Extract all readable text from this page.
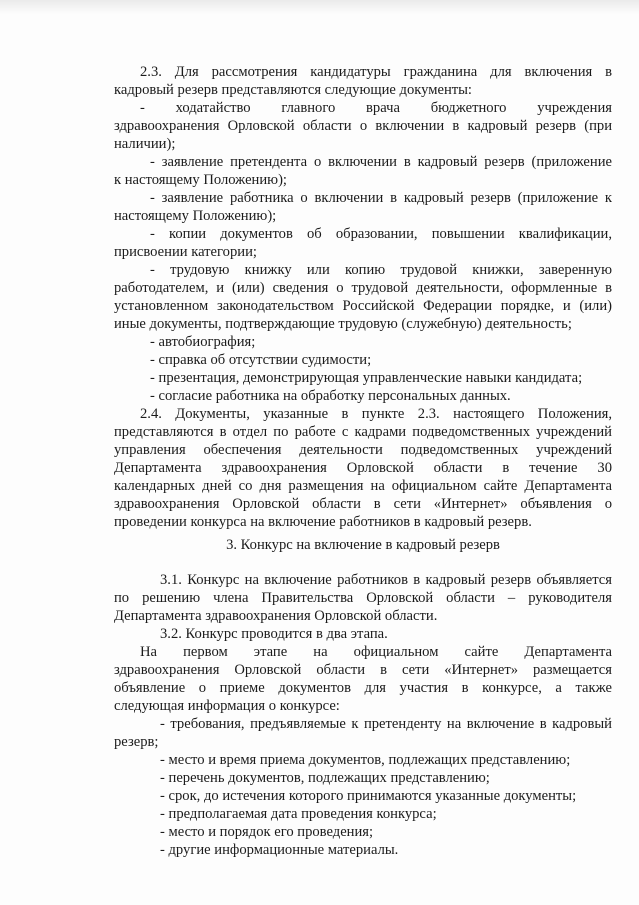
2.3. Для рассмотрения кандидатуры гражданина для включения в
кадровый резерв представляются следующие документы:
- ходатайство главного врача бюджетного учреждения
здравоохранения Орловской области о включении в кадровый резерв (при
наличии);
- заявление претендента о включении в кадровый резерв (приложение
к настоящему Положению);
- заявление работника о включении в кадровый резерв (приложение к
настоящему Положению);
- копии документов об образовании, повышении квалификации,
присвоении категории;
- трудовую книжку или копию трудовой книжки, заверенную
работодателем, и (или) сведения о трудовой деятельности, оформленные в
установленном законодательством Российской Федерации порядке, и (или)
иные документы, подтверждающие трудовую (служебную) деятельность;
- автобиография;
- справка об отсутствии судимости;
- презентация, демонстрирующая управленческие навыки кандидата;
- согласие работника на обработку персональных данных.
2.4. Документы, указанные в пункте 2.3. настоящего Положения,
представляются в отдел по работе с кадрами подведомственных учреждений
управления обеспечения деятельности подведомственных учреждений
Департамента здравоохранения Орловской области в течение 30
календарных дней со дня размещения на официальном сайте Департамента
здравоохранения Орловской области в сети «Интернет» объявления о
проведении конкурса на включение работников в кадровый резерв.
3. Конкурс на включение в кадровый резерв
3.1. Конкурс на включение работников в кадровый резерв объявляется
по решению члена Правительства Орловской области – руководителя
Департамента здравоохранения Орловской области.
3.2. Конкурс проводится в два этапа.
На первом этапе на официальном сайте Департамента
здравоохранения Орловской области в сети «Интернет» размещается
объявление о приеме документов для участия в конкурсе, а также
следующая информация о конкурсе:
- требования, предъявляемые к претенденту на включение в кадровый
резерв;
- место и время приема документов, подлежащих представлению;
- перечень документов, подлежащих представлению;
- срок, до истечения которого принимаются указанные документы;
- предполагаемая дата проведения конкурса;
- место и порядок его проведения;
- другие информационные материалы.
